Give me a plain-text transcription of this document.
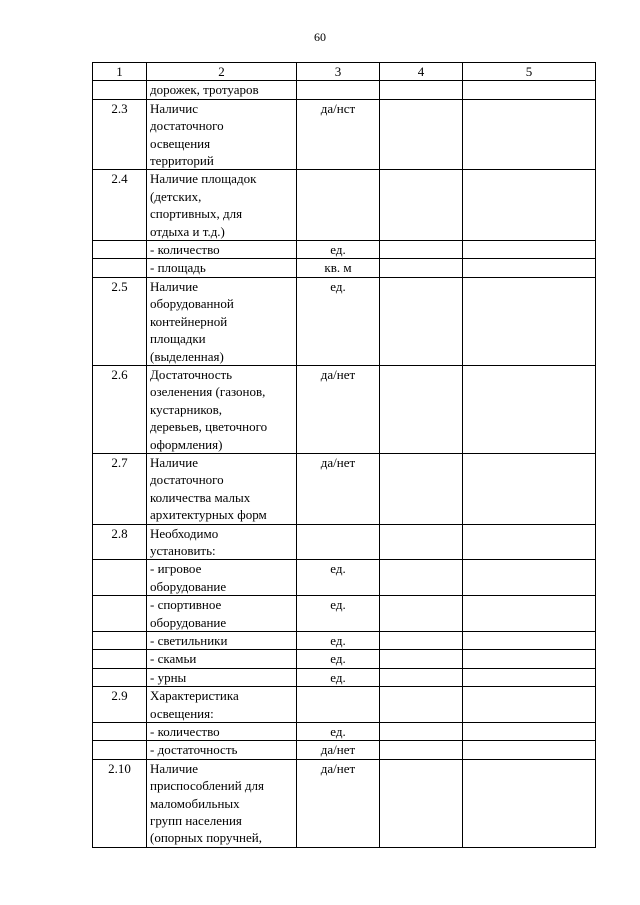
60
1	2	3	4	5

	дорожек, тротуаров			

2.3	Наличис
достаточного
освещения
территорий	да/нст		
2.4	Наличие площадок
(детских,
спортивных, для
отдыха и т.д.)			

	- количество	ед.		

	- площадь	кв. м		
2.5	Наличие
оборудованной
контейнерной
площадки
(выделенная)	ед.		
2.6	Достаточность
озеленения (газонов,
кустарников,
деревьев, цветочного
оформления)	да/нет		
2.7	Наличие
достаточного
количества малых
архитектурных форм	да/нет		
2.8	Необходимо
установить:			

	- игровое
оборудование	ед.		

	- спортивное
оборудование	ед.		

	- светильники	ед.		

	- скамьи	ед.		

	- урны	ед.		
2.9	Характеристика
освещения:			

	- количество	ед.		

	- достаточность	да/нет		
2.10	Наличие
приспособлений для
маломобильных
групп населения
(опорных поручней,	да/нет		
